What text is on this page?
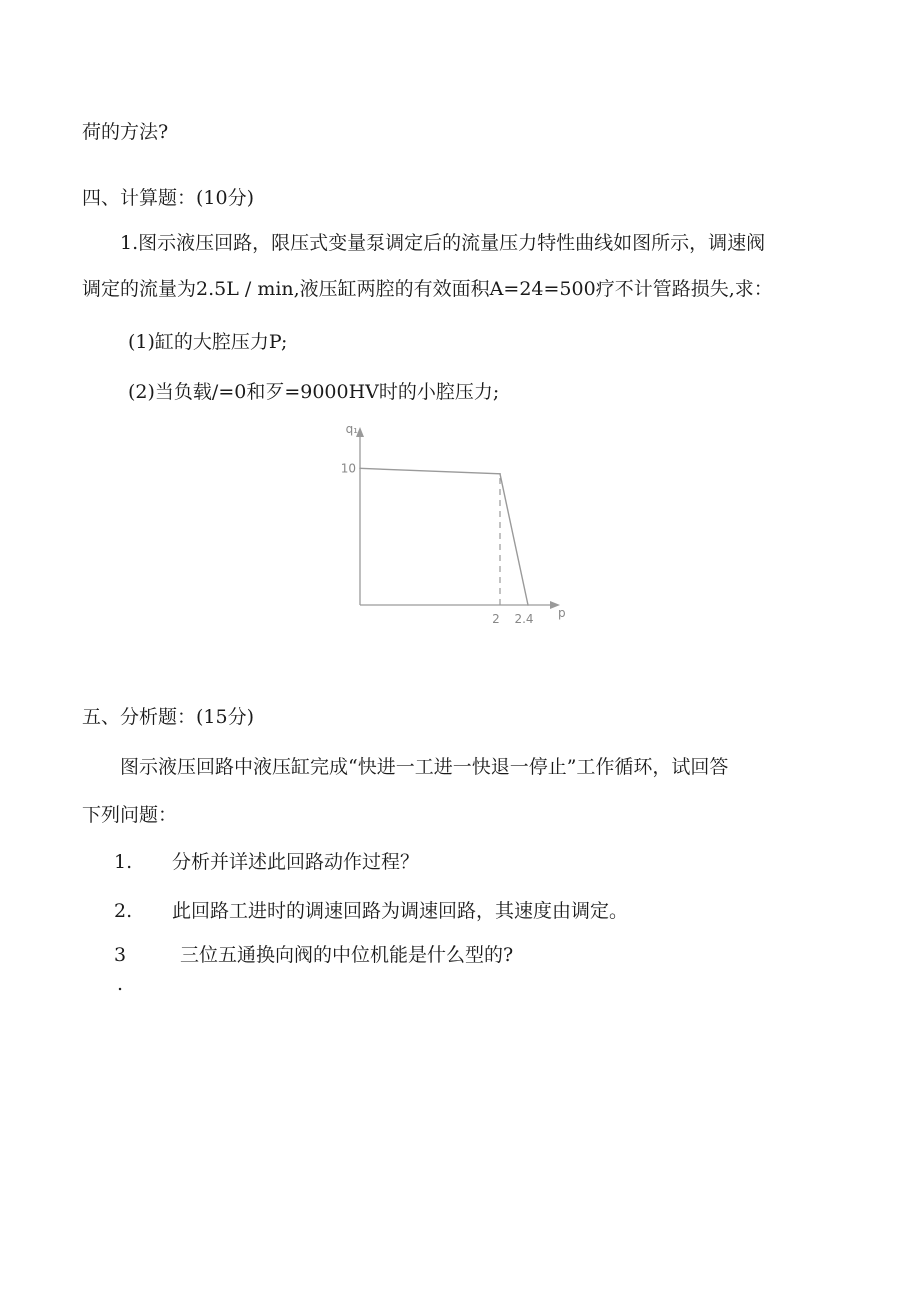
荷的方法?
四、计算题：(10分)
1.图示液压回路，限压式变量泵调定后的流量压力特性曲线如图所示，调速阀
调定的流量为2.5L / min,液压缸两腔的有效面积A=24=500疗不计管路损失,求：
(1)缸的大腔压力P;
(2)当负载/=0和歹=9000HV时的小腔压力;
2 2.4
10
p
q₁
五、分析题：(15分)
图示液压回路中液压缸完成“快进一工进一快退一停止”工作循环，试回答
下列问题：
1. 分析并详述此回路动作过程？
2. 此回路工进时的调速回路为调速回路，其速度由调定。
3	三位五通换向阀的中位机能是什么型的?
.
